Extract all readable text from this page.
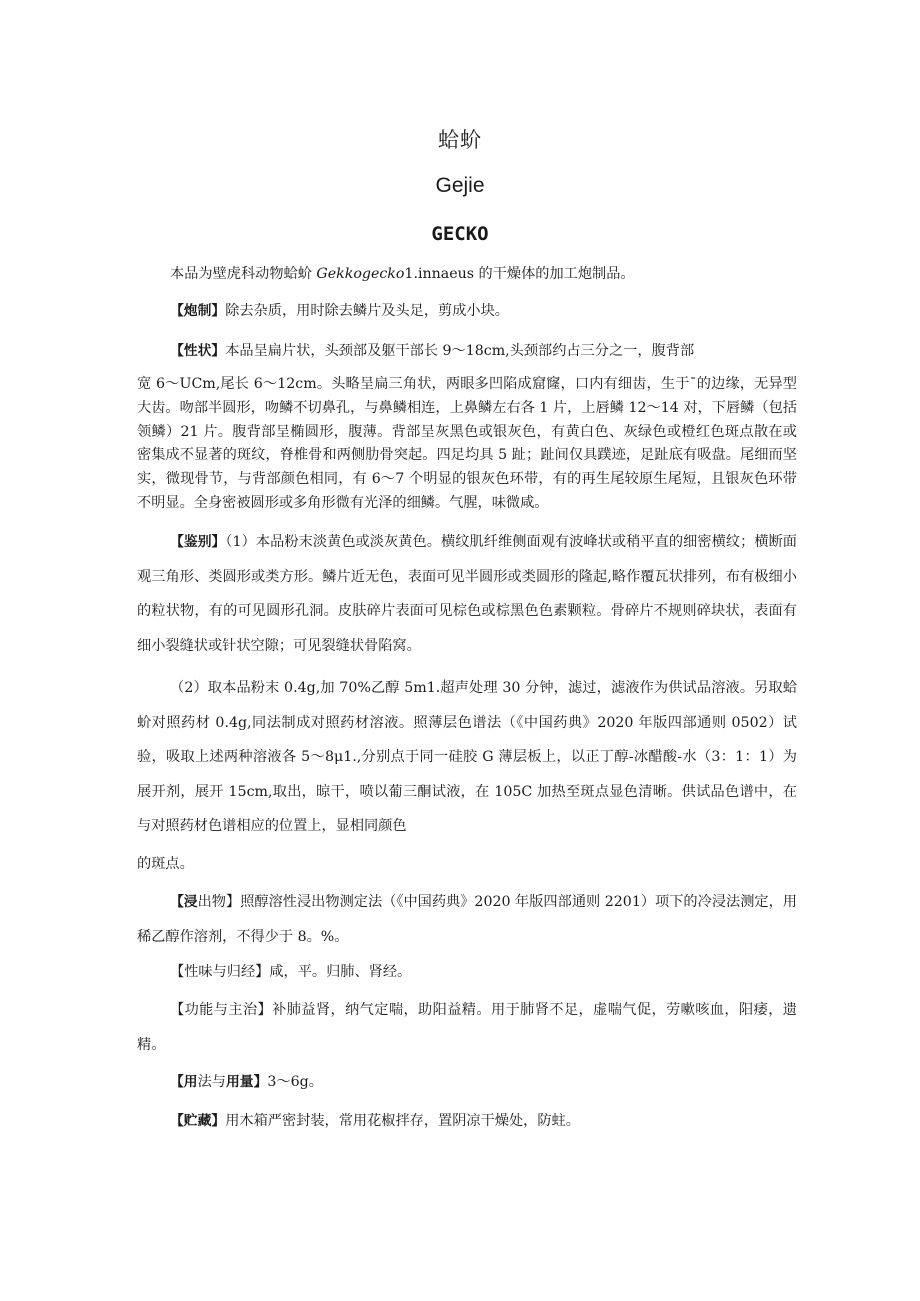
蛤蚧
Gejie
GECKO
本品为壁虎科动物蛤蚧 Gekkogecko1.innaeus 的干燥体的加工炮制品。
【炮制】除去杂质，用时除去鳞片及头足，剪成小块。
【性状】本品呈扁片状，头颈部及躯干部长 9～18cm,头颈部约占三分之一，腹背部
宽 6～UCm,尾长 6～12cm。头略呈扁三角状，两眼多凹陷成窟窿，口内有细齿，生于ˉ的边缘，无异型大齿。吻部半圆形，吻鳞不切鼻孔，与鼻鳞相连，上鼻鳞左右各 1 片，上唇鳞 12～14 对，下唇鳞（包括领鳞）21 片。腹背部呈椭圆形，腹薄。背部呈灰黑色或银灰色，有黄白色、灰绿色或橙红色斑点散在或密集成不显著的斑纹，脊椎骨和两侧肋骨突起。四足均具 5 趾；趾间仅具蹼迹，足趾底有吸盘。尾细而坚实，微现骨节，与背部颜色相同，有 6～7 个明显的银灰色环带，有的再生尾较原生尾短，且银灰色环带不明显。全身密被圆形或多角形微有光泽的细鳞。气腥，味微咸。
【鉴别】（1）本品粉末淡黄色或淡灰黄色。横纹肌纤维侧面观有波峰状或稍平直的细密横纹；横断面观三角形、类圆形或类方形。鳞片近无色，表面可见半圆形或类圆形的隆起,略作覆瓦状排列，布有极细小的粒状物，有的可见圆形孔洞。皮肤碎片表面可见棕色或棕黑色色素颗粒。骨碎片不规则碎块状，表面有细小裂缝状或针状空隙；可见裂缝状骨陷窝。
（2）取本品粉末 0.4g,加 70%乙醇 5m1.超声处理 30 分钟，滤过，滤液作为供试品溶液。另取蛤蚧对照药材 0.4g,同法制成对照药材溶液。照薄层色谱法（《中国药典》2020 年版四部通则 0502）试验，吸取上述两种溶液各 5～8μ1.,分别点于同一硅胶 G 薄层板上，以正丁醇-冰醋酸-水（3：1：1）为展开剂，展开 15cm,取出，晾干，喷以葡三酮试液，在 105C 加热至斑点显色清晰。供试品色谱中，在与对照药材色谱相应的位置上，显相同颜色
的斑点。
【浸出物】照醇溶性浸出物测定法（《中国药典》2020 年版四部通则 2201）项下的冷浸法测定，用稀乙醇作溶剂，不得少于 8。%。
【性味与归经】咸，平。归肺、肾经。
【功能与主治】补肺益肾，纳气定喘，助阳益精。用于肺肾不足，虚喘气促，劳嗽咳血，阳痿，遗精。
【用法与用量】3～6g。
【贮藏】用木箱严密封装，常用花椒拌存，置阴凉干燥处，防蛀。
